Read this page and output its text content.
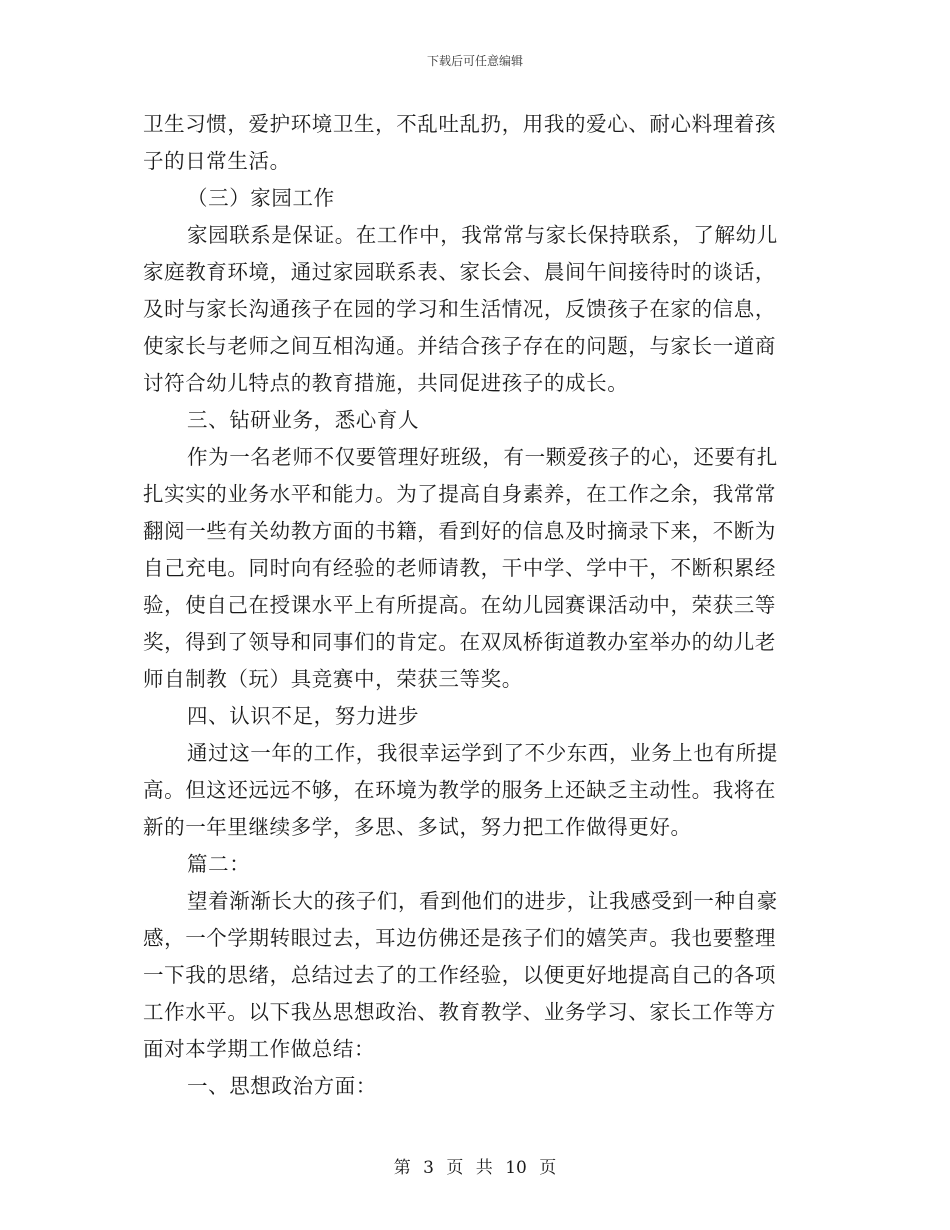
下载后可任意编辑
卫生习惯，爱护环境卫生，不乱吐乱扔，用我的爱心、耐心料理着孩
子的日常生活。
（三）家园工作
家园联系是保证。在工作中，我常常与家长保持联系，了解幼儿
家庭教育环境，通过家园联系表、家长会、晨间午间接待时的谈话，
及时与家长沟通孩子在园的学习和生活情况，反馈孩子在家的信息，
使家长与老师之间互相沟通。并结合孩子存在的问题，与家长一道商
讨符合幼儿特点的教育措施，共同促进孩子的成长。
三、钻研业务，悉心育人
作为一名老师不仅要管理好班级，有一颗爱孩子的心，还要有扎
扎实实的业务水平和能力。为了提高自身素养，在工作之余，我常常
翻阅一些有关幼教方面的书籍，看到好的信息及时摘录下来，不断为
自己充电。同时向有经验的老师请教，干中学、学中干，不断积累经
验，使自己在授课水平上有所提高。在幼儿园赛课活动中，荣获三等
奖，得到了领导和同事们的肯定。在双凤桥街道教办室举办的幼儿老
师自制教（玩）具竞赛中，荣获三等奖。
四、认识不足，努力进步
通过这一年的工作，我很幸运学到了不少东西，业务上也有所提
高。但这还远远不够，在环境为教学的服务上还缺乏主动性。我将在
新的一年里继续多学，多思、多试，努力把工作做得更好。
篇二：
望着渐渐长大的孩子们，看到他们的进步，让我感受到一种自豪
感，一个学期转眼过去，耳边仿佛还是孩子们的嬉笑声。我也要整理
一下我的思绪，总结过去了的工作经验，以便更好地提高自己的各项
工作水平。以下我丛思想政治、教育教学、业务学习、家长工作等方
面对本学期工作做总结：
一、思想政治方面：
第 3 页 共 10 页
